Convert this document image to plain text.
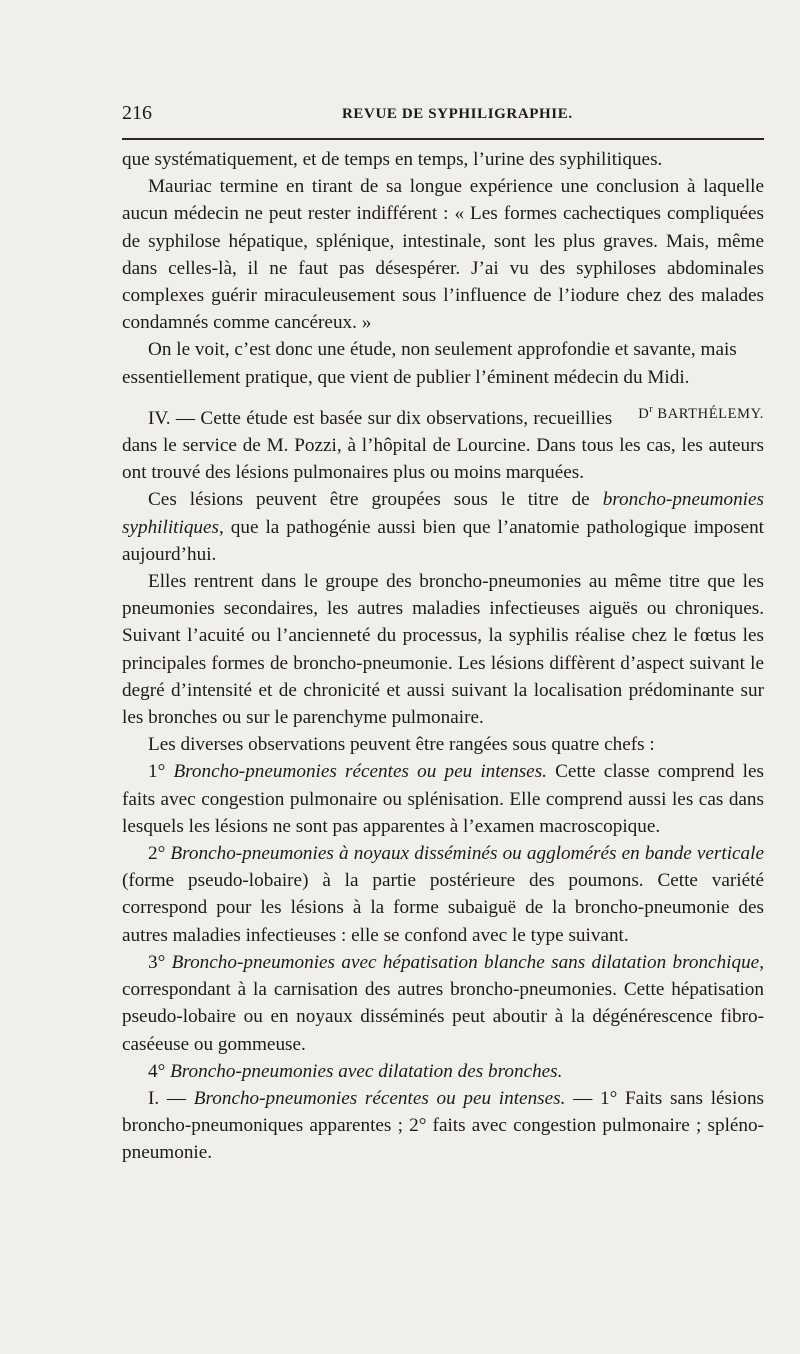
216	REVUE DE SYPHILIGRAPHIE.

que systématiquement, et de temps en temps, l’urine des syphilitiques.

Mauriac termine en tirant de sa longue expérience une conclusion à laquelle aucun médecin ne peut rester indifférent : « Les formes cachectiques compliquées de syphilose hépatique, splénique, intestinale, sont les plus graves. Mais, même dans celles-là, il ne faut pas désespérer. J’ai vu des syphiloses abdominales complexes guérir miraculeusement sous l’influence de l’iodure chez des malades condamnés comme cancéreux. »

On le voit, c’est donc une étude, non seulement approfondie et savante, mais essentiellement pratique, que vient de publier l’éminent médecin du Midi.
$D^r$ BARTHÉLEMY.

IV. — Cette étude est basée sur dix observations, recueillies dans le service de M. Pozzi, à l’hôpital de Lourcine. Dans tous les cas, les auteurs ont trouvé des lésions pulmonaires plus ou moins marquées.

Ces lésions peuvent être groupées sous le titre de broncho-pneumonies syphilitiques, que la pathogénie aussi bien que l’anatomie pathologique imposent aujourd’hui.

Elles rentrent dans le groupe des broncho-pneumonies au même titre que les pneumonies secondaires, les autres maladies infectieuses aiguës ou chroniques. Suivant l’acuité ou l’ancienneté du processus, la syphilis réalise chez le fœtus les principales formes de broncho-pneumonie. Les lésions diffèrent d’aspect suivant le degré d’intensité et de chronicité et aussi suivant la localisation prédominante sur les bronches ou sur le parenchyme pulmonaire.

Les diverses observations peuvent être rangées sous quatre chefs :

1° Broncho-pneumonies récentes ou peu intenses. Cette classe comprend les faits avec congestion pulmonaire ou splénisation. Elle comprend aussi les cas dans lesquels les lésions ne sont pas apparentes à l’examen macroscopique.

2° Broncho-pneumonies à noyaux disséminés ou agglomérés en bande verticale (forme pseudo-lobaire) à la partie postérieure des poumons. Cette variété correspond pour les lésions à la forme subaiguë de la broncho-pneumonie des autres maladies infectieuses : elle se confond avec le type suivant.

3° Broncho-pneumonies avec hépatisation blanche sans dilatation bronchique, correspondant à la carnisation des autres broncho-pneumonies. Cette hépatisation pseudo-lobaire ou en noyaux disséminés peut aboutir à la dégénérescence fibro-caséeuse ou gommeuse.

4° Broncho-pneumonies avec dilatation des bronches.

I. — Broncho-pneumonies récentes ou peu intenses. — 1° Faits sans lésions broncho-pneumoniques apparentes ; 2° faits avec congestion pulmonaire ; spléno-pneumonie.
